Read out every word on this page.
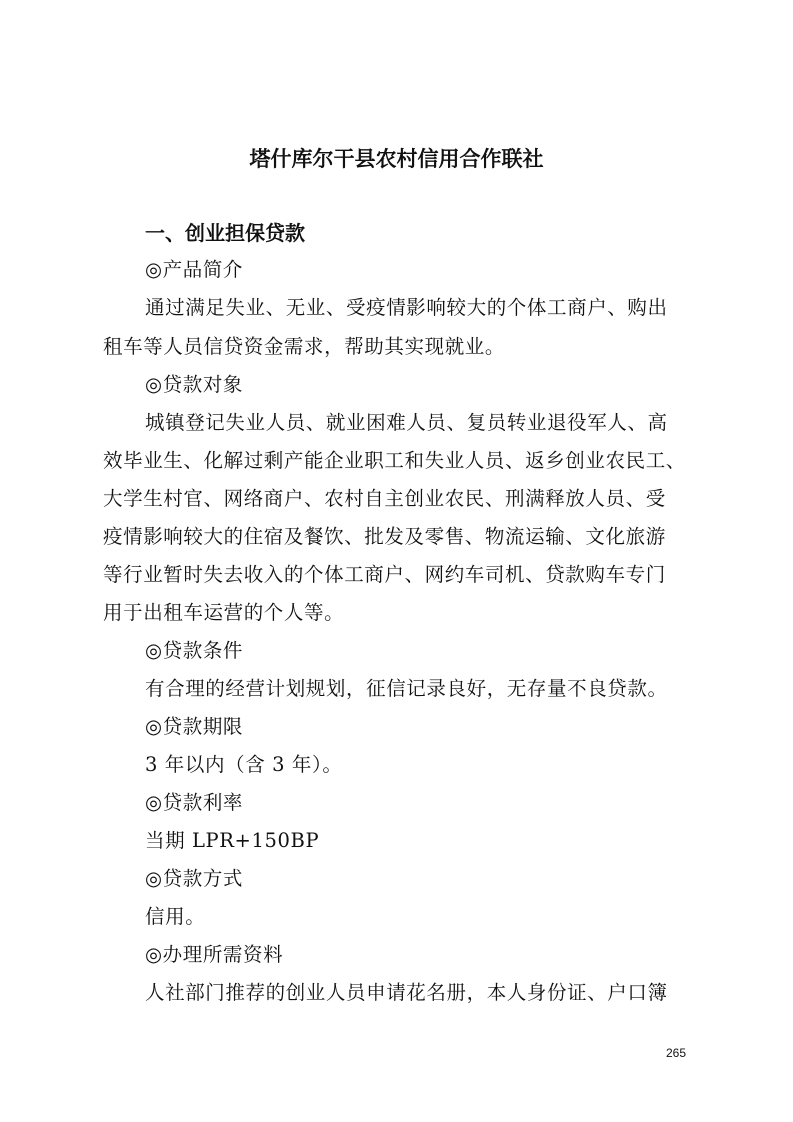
塔什库尔干县农村信用合作联社
一、创业担保贷款
◎产品简介
通过满足失业、无业、受疫情影响较大的个体工商户、购出
租车等人员信贷资金需求，帮助其实现就业。
◎贷款对象
城镇登记失业人员、就业困难人员、复员转业退役军人、高
效毕业生、化解过剩产能企业职工和失业人员、返乡创业农民工、
大学生村官、网络商户、农村自主创业农民、刑满释放人员、受
疫情影响较大的住宿及餐饮、批发及零售、物流运输、文化旅游
等行业暂时失去收入的个体工商户、网约车司机、贷款购车专门
用于出租车运营的个人等。
◎贷款条件
有合理的经营计划规划，征信记录良好，无存量不良贷款。
◎贷款期限
3 年以内（含 3 年）。
◎贷款利率
当期 LPR+150BP
◎贷款方式
信用。
◎办理所需资料
人社部门推荐的创业人员申请花名册，本人身份证、户口簿
265
